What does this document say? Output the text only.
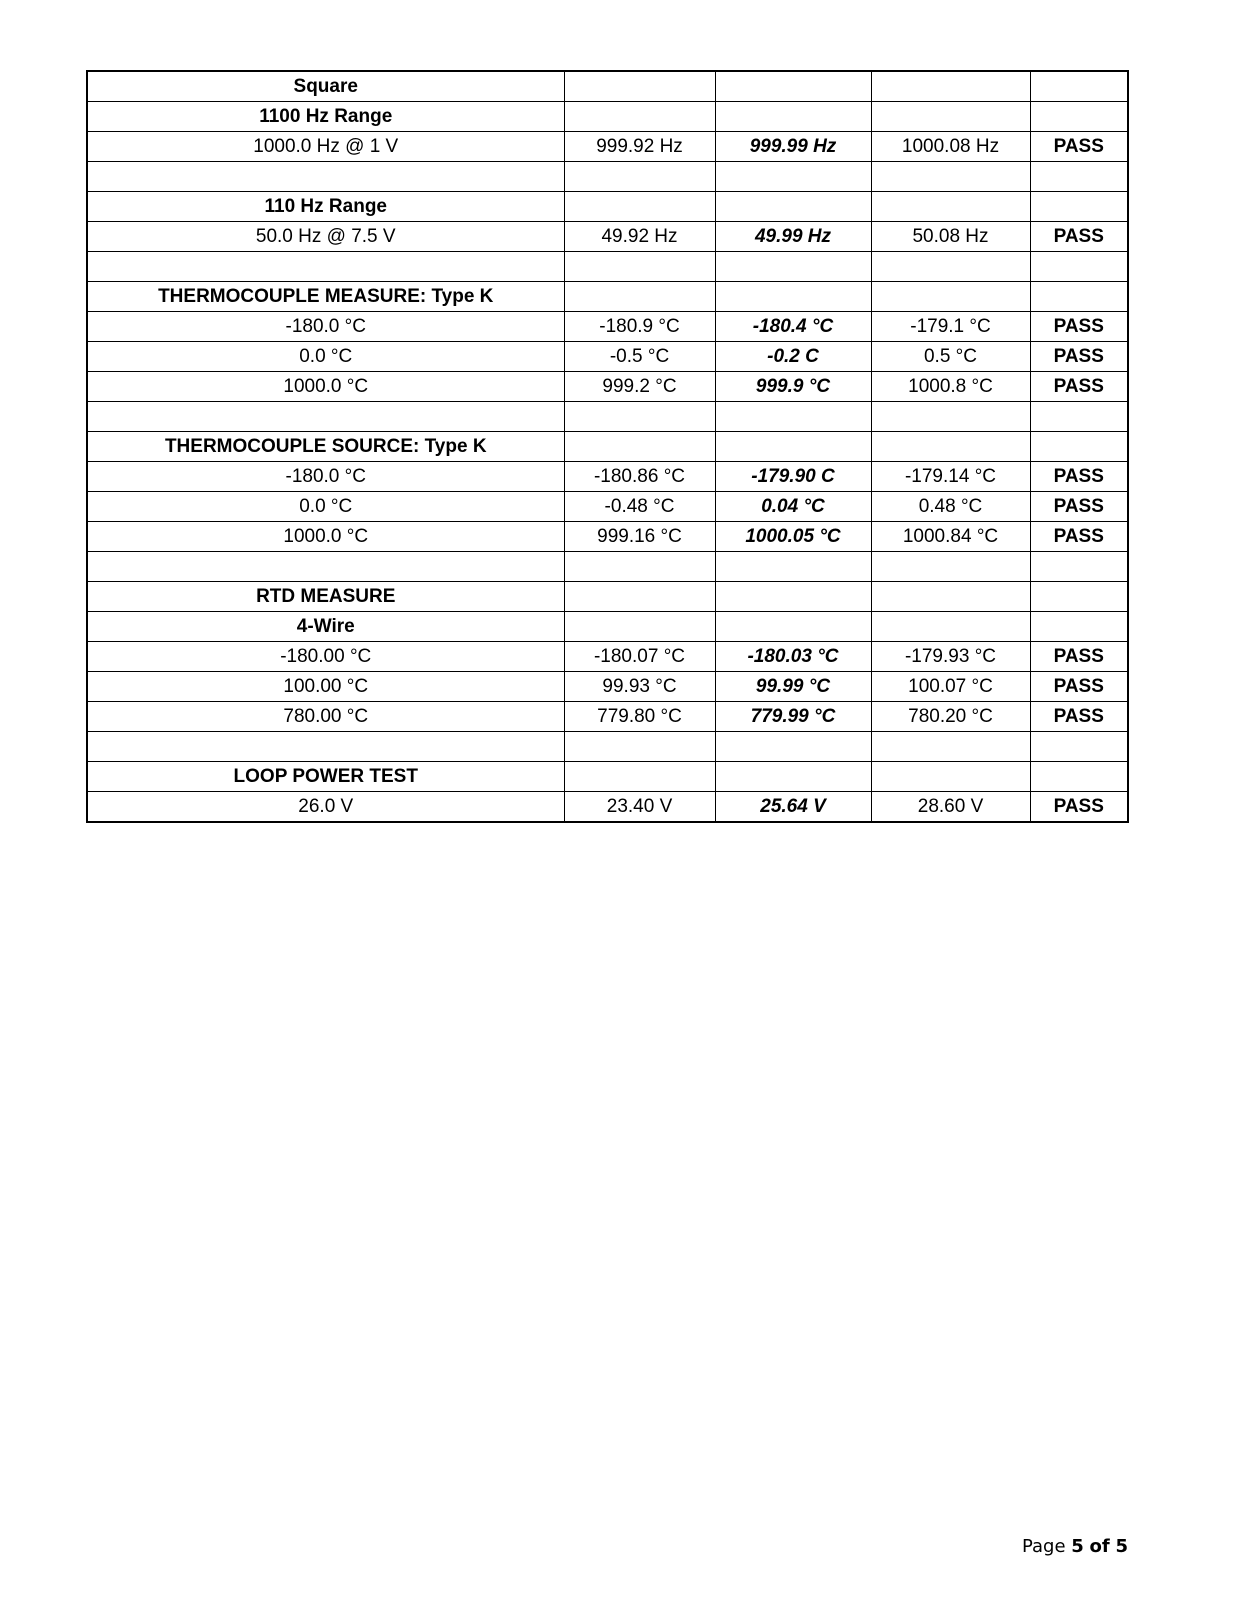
Square				
1100 Hz Range				
1000.0 Hz @ 1 V	999.92 Hz	999.99 Hz	1000.08 Hz	PASS

110 Hz Range				
50.0 Hz @ 7.5 V	49.92 Hz	49.99 Hz	50.08 Hz	PASS

THERMOCOUPLE MEASURE: Type K				
-180.0 °C	-180.9 °C	-180.4 °C	-179.1 °C	PASS
0.0 °C	-0.5 °C	-0.2 C	0.5 °C	PASS
1000.0 °C	999.2 °C	999.9 °C	1000.8 °C	PASS

THERMOCOUPLE SOURCE: Type K				
-180.0 °C	-180.86 °C	-179.90 C	-179.14 °C	PASS
0.0 °C	-0.48 °C	0.04 °C	0.48 °C	PASS
1000.0 °C	999.16 °C	1000.05 °C	1000.84 °C	PASS

RTD MEASURE				
4-Wire				
-180.00 °C	-180.07 °C	-180.03 °C	-179.93 °C	PASS
100.00 °C	99.93 °C	99.99 °C	100.07 °C	PASS
780.00 °C	779.80 °C	779.99 °C	780.20 °C	PASS

LOOP POWER TEST				
26.0 V	23.40 V	25.64 V	28.60 V	PASS
Page 5 of 5
